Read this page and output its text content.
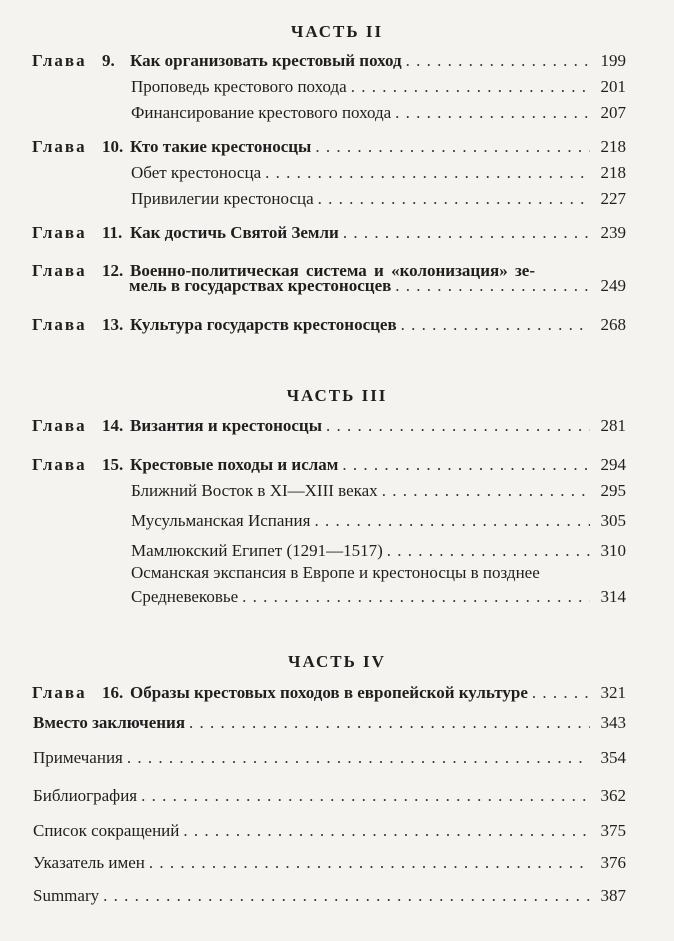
ЧАСТЬ II
Глава 9. Как организовать крестовый поход . . .	199
Проповедь крестового похода . . .	201
Финансирование крестового похода . . .	207
Глава 10. Кто такие крестоносцы . . .	218
Обет крестоносца . . .	218
Привилегии крестоносца . . .	227
Глава 11. Как достичь Святой Земли . . .	239
Глава 12. Военно-политическая система и «колонизация» зе-
мель в государствах крестоносцев . . .	249
Глава 13. Культура государств крестоносцев . . .	268
ЧАСТЬ III
Глава 14. Византия и крестоносцы . . .	281
Глава 15. Крестовые походы и ислам . . .	294
Ближний Восток в XI—XIII веках . . .	295
Мусульманская Испания . . .	305
Мамлюкский Египет (1291—1517) . . .	310
Османская экспансия в Европе и крестоносцы в позднее
Средневековье . . .	314
ЧАСТЬ IV
Глава 16. Образы крестовых походов в европейской культуре . . .	321
Вместо заключения . . .	343
Примечания . . .	354
Библиография . . .	362
Список сокращений . . .	375
Указатель имен . . .	376
Summary . . .	387
